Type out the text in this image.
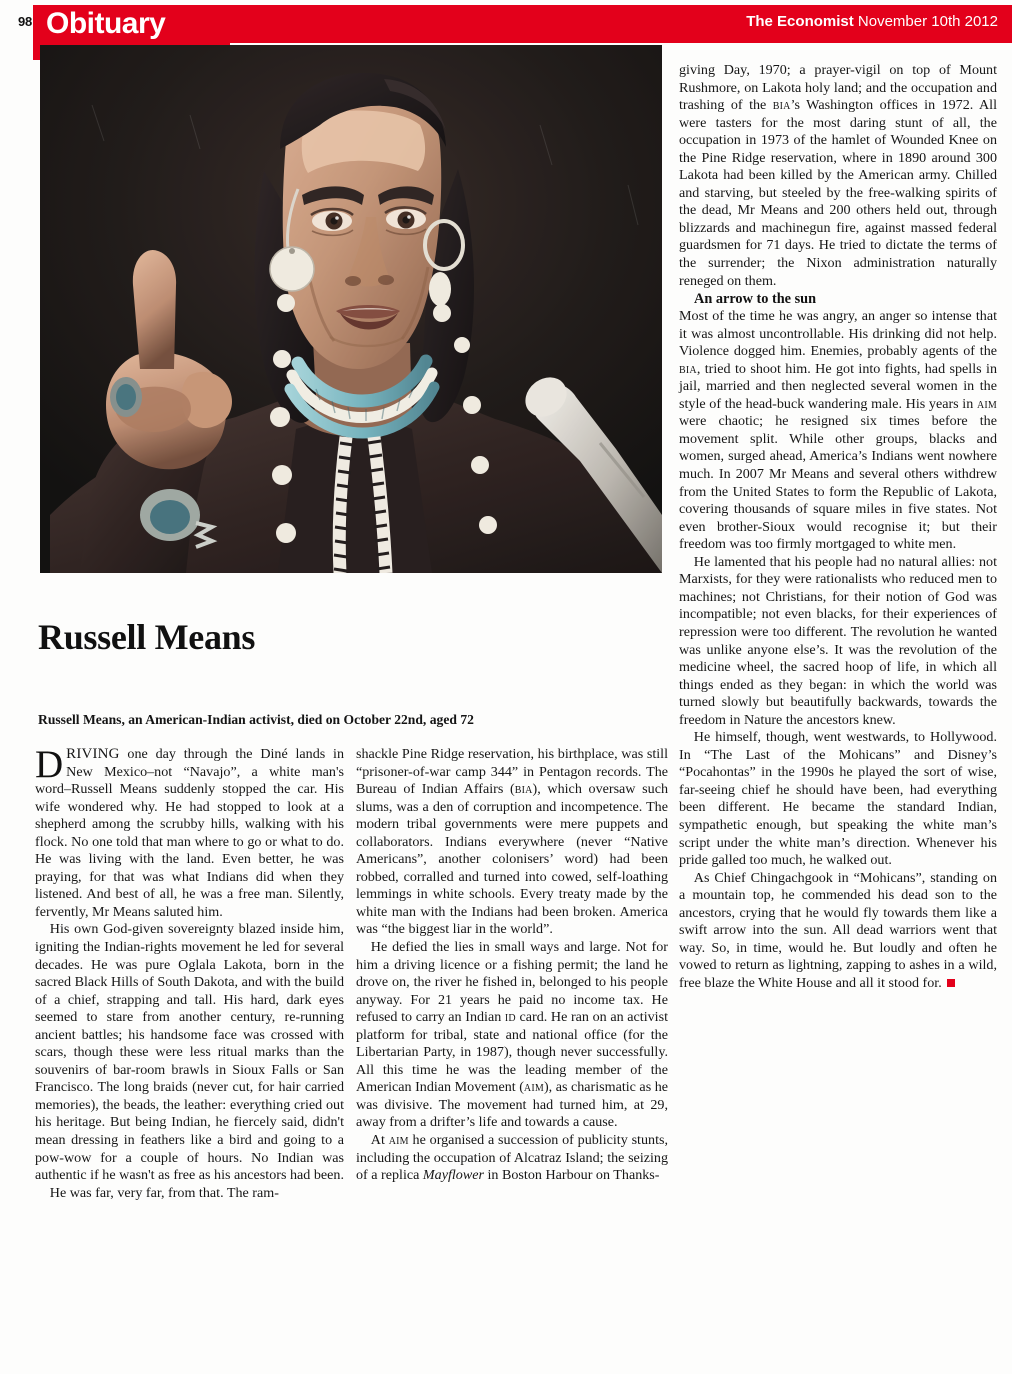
98 Obituary	The Economist November 10th 2012
Russell Means
Russell Means, an American-Indian activist, died on October 22nd, aged 72

DRIVING one day through the Diné lands in New Mexico–not “Navajo”, a white man's word–Russell Means suddenly stopped the car. His wife wondered why. He had stopped to look at a shepherd among the scrubby hills, walking with his flock. No one told that man where to go or what to do. He was living with the land. Even better, he was praying, for that was what Indians did when they listened. And best of all, he was a free man. Silently, fervently, Mr Means saluted him.

His own God-given sovereignty blazed inside him, igniting the Indian-rights movement he led for several decades. He was pure Oglala Lakota, born in the sacred Black Hills of South Dakota, and with the build of a chief, strapping and tall. His hard, dark eyes seemed to stare from another century, re-running ancient battles; his handsome face was crossed with scars, though these were less ritual marks than the souvenirs of bar-room brawls in Sioux Falls or San Francisco. The long braids (never cut, for hair carried memories), the beads, the leather: everything cried out his heritage. But being Indian, he fiercely said, didn't mean dressing in feathers like a bird and going to a pow-wow for a couple of hours. No Indian was authentic if he wasn't as free as his ancestors had been.

He was far, very far, from that. The ram-

shackle Pine Ridge reservation, his birthplace, was still “prisoner-of-war camp 344” in Pentagon records. The Bureau of Indian Affairs (bia), which oversaw such slums, was a den of corruption and incompetence. The modern tribal governments were mere puppets and collaborators. Indians everywhere (never “Native Americans”, another colonisers’ word) had been robbed, corralled and turned into cowed, self-loathing lemmings in white schools. Every treaty made by the white man with the Indians had been broken. America was “the biggest liar in the world”.

He defied the lies in small ways and large. Not for him a driving licence or a fishing permit; the land he drove on, the river he fished in, belonged to his people anyway. For 21 years he paid no income tax. He refused to carry an Indian id card. He ran on an activist platform for tribal, state and national office (for the Libertarian Party, in 1987), though never successfully. All this time he was the leading member of the American Indian Movement (aim), as charismatic as he was divisive. The movement had turned him, at 29, away from a drifter’s life and towards a cause.

At aim he organised a succession of publicity stunts, including the occupation of Alcatraz Island; the seizing of a replica Mayflower in Boston Harbour on Thanks-

giving Day, 1970; a prayer-vigil on top of Mount Rushmore, on Lakota holy land; and the occupation and trashing of the bia’s Washington offices in 1972. All were tasters for the most daring stunt of all, the occupation in 1973 of the hamlet of Wounded Knee on the Pine Ridge reservation, where in 1890 around 300 Lakota had been killed by the American army. Chilled and starving, but steeled by the free-walking spirits of the dead, Mr Means and 200 others held out, through blizzards and machinegun fire, against massed federal guardsmen for 71 days. He tried to dictate the terms of the surrender; the Nixon administration naturally reneged on them.

An arrow to the sun

Most of the time he was angry, an anger so intense that it was almost uncontrollable. His drinking did not help. Violence dogged him. Enemies, probably agents of the bia, tried to shoot him. He got into fights, had spells in jail, married and then neglected several women in the style of the head-buck wandering male. His years in aim were chaotic; he resigned six times before the movement split. While other groups, blacks and women, surged ahead, America’s Indians went nowhere much. In 2007 Mr Means and several others withdrew from the United States to form the Republic of Lakota, covering thousands of square miles in five states. Not even brother-Sioux would recognise it; but their freedom was too firmly mortgaged to white men.

He lamented that his people had no natural allies: not Marxists, for they were rationalists who reduced men to machines; not Christians, for their notion of God was incompatible; not even blacks, for their experiences of repression were too different. The revolution he wanted was unlike anyone else’s. It was the revolution of the medicine wheel, the sacred hoop of life, in which all things ended as they began: in which the world was turned slowly but beautifully backwards, towards the freedom in Nature the ancestors knew.

He himself, though, went westwards, to Hollywood. In “The Last of the Mohicans” and Disney’s “Pocahontas” in the 1990s he played the sort of wise, far-seeing chief he should have been, had everything been different. He became the standard Indian, sympathetic enough, but speaking the white man’s script under the white man’s direction. Whenever his pride galled too much, he walked out.

As Chief Chingachgook in “Mohicans”, standing on a mountain top, he commended his dead son to the ancestors, crying that he would fly towards them like a swift arrow into the sun. All dead warriors went that way. So, in time, would he. But loudly and often he vowed to return as lightning, zapping to ashes in a wild, free blaze the White House and all it stood for.
